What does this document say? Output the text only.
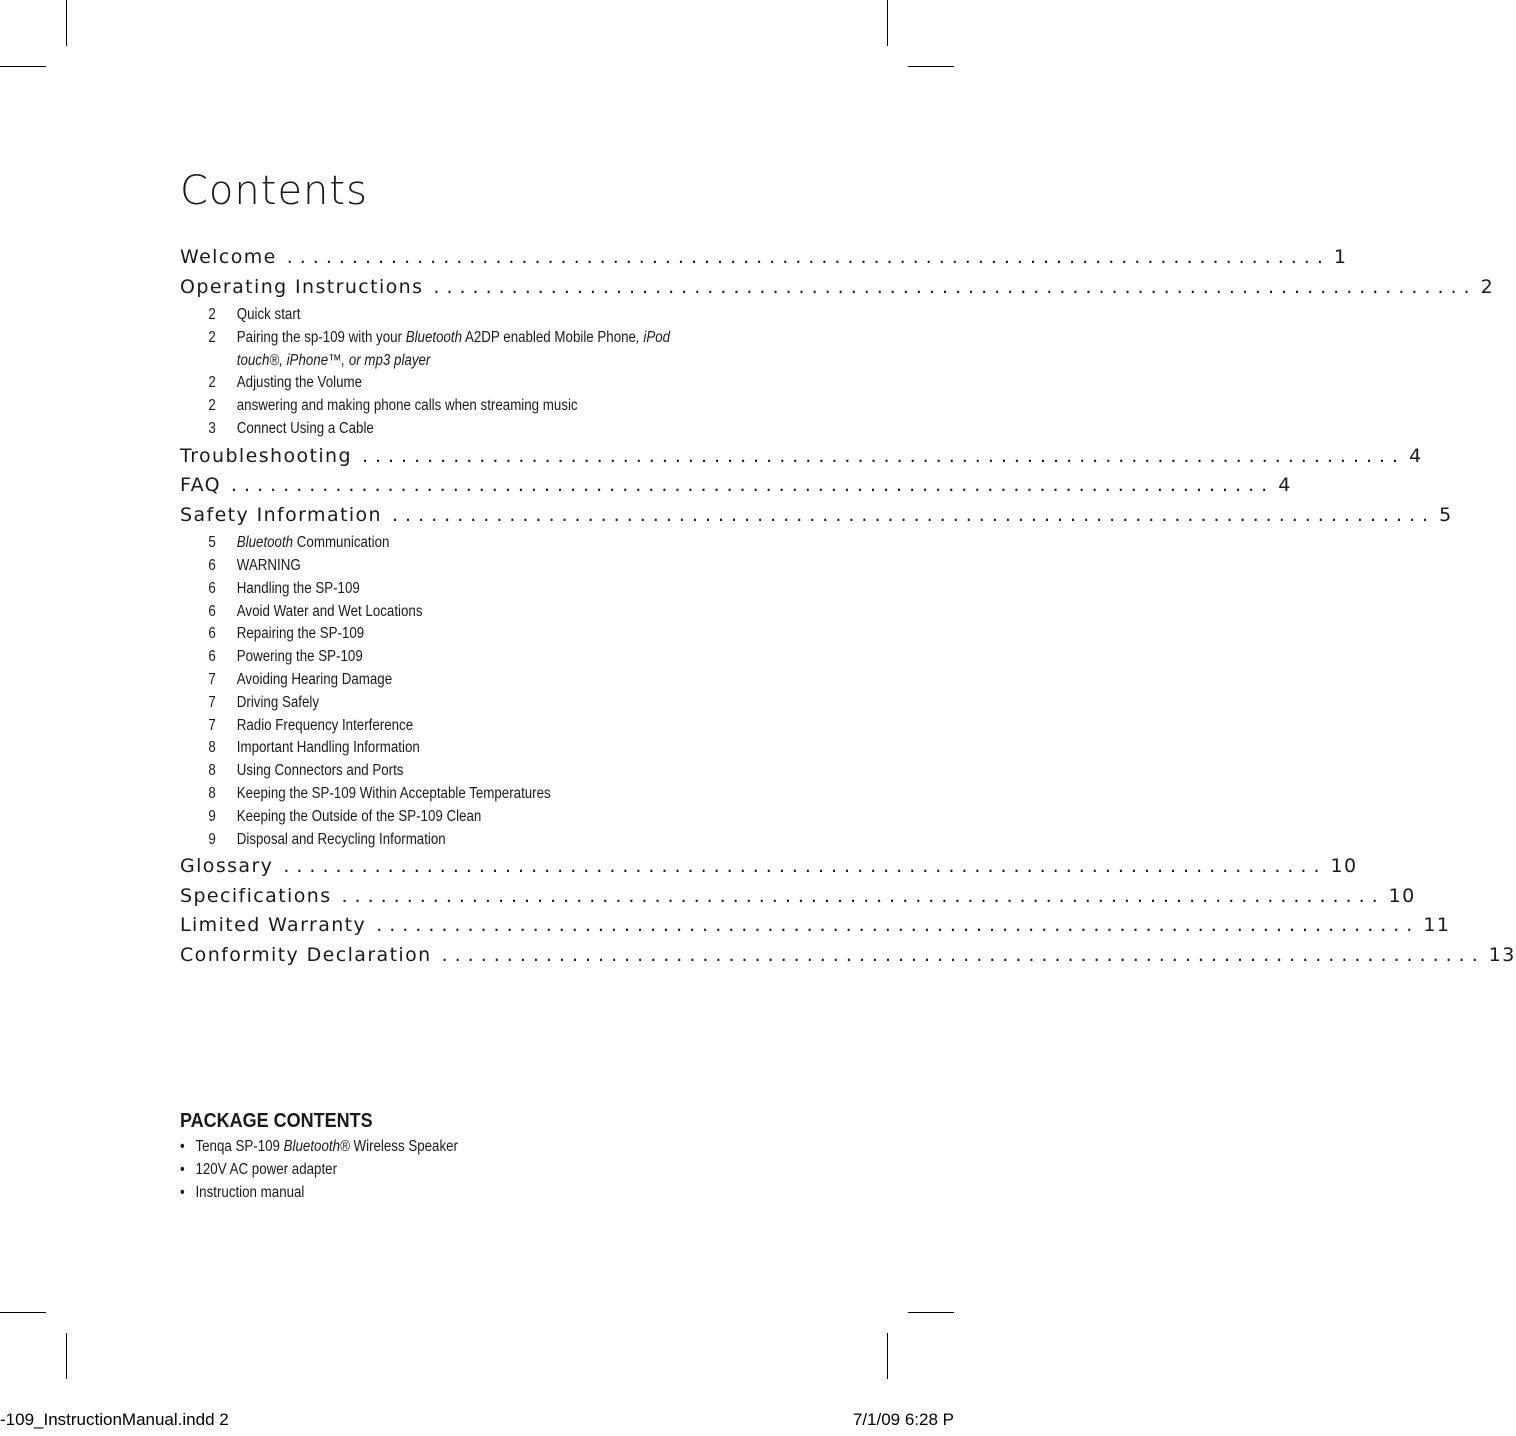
Contents
Welcome ................................................................................ 1
Operating Instructions ................................................................................ 2
2	Quick start
2	Pairing the sp-109 with your Bluetooth A2DP enabled Mobile Phone, iPod
touch®, iPhone™, or mp3 player
2	Adjusting the Volume
2	answering and making phone calls when streaming music
3	Connect Using a Cable
Troubleshooting ................................................................................ 4
FAQ ................................................................................ 4
Safety Information ................................................................................ 5
5	Bluetooth Communication
6	WARNING
6	Handling the SP-109
6	Avoid Water and Wet Locations
6	Repairing the SP-109
6	Powering the SP-109
7	Avoiding Hearing Damage
7	Driving Safely
7	Radio Frequency Interference
8	Important Handling Information
8	Using Connectors and Ports
8	Keeping the SP-109 Within Acceptable Temperatures
9	Keeping the Outside of the SP-109 Clean
9	Disposal and Recycling Information
Glossary ................................................................................ 10
Specifications ................................................................................ 10
Limited Warranty ................................................................................ 11
Conformity Declaration ................................................................................ 13
PACKAGE CONTENTS
• Tenqa SP-109 Bluetooth® Wireless Speaker
• 120V AC power adapter
• Instruction manual
-109_InstructionManual.indd 2	7/1/09 6:28 P
